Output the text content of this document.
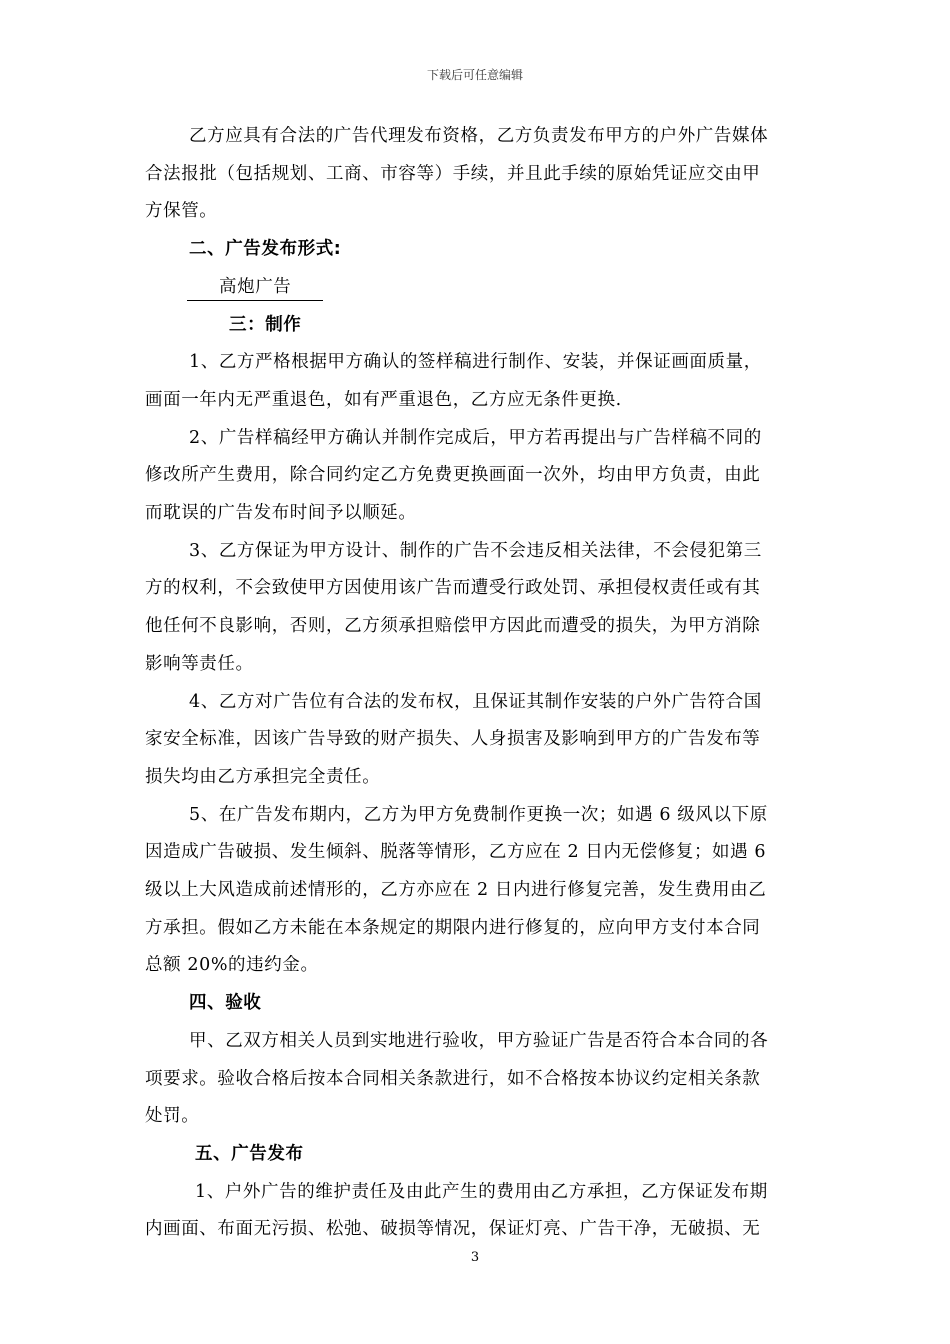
下载后可任意编辑
乙方应具有合法的广告代理发布资格，乙方负责发布甲方的户外广告媒体
合法报批（包括规划、工商、市容等）手续，并且此手续的原始凭证应交由甲
方保管。
二、广告发布形式:
高炮广告
三：制作
1、乙方严格根据甲方确认的签样稿进行制作、安装，并保证画面质量，
画面一年内无严重退色，如有严重退色，乙方应无条件更换.
2、广告样稿经甲方确认并制作完成后，甲方若再提出与广告样稿不同的
修改所产生费用，除合同约定乙方免费更换画面一次外，均由甲方负责，由此
而耽误的广告发布时间予以顺延。
3、乙方保证为甲方设计、制作的广告不会违反相关法律，不会侵犯第三
方的权利，不会致使甲方因使用该广告而遭受行政处罚、承担侵权责任或有其
他任何不良影响，否则，乙方须承担赔偿甲方因此而遭受的损失，为甲方消除
影响等责任。
4、乙方对广告位有合法的发布权，且保证其制作安装的户外广告符合国
家安全标准，因该广告导致的财产损失、人身损害及影响到甲方的广告发布等
损失均由乙方承担完全责任。
5、在广告发布期内，乙方为甲方免费制作更换一次；如遇 6 级风以下原
因造成广告破损、发生倾斜、脱落等情形，乙方应在 2 日内无偿修复；如遇 6
级以上大风造成前述情形的，乙方亦应在 2 日内进行修复完善，发生费用由乙
方承担。假如乙方未能在本条规定的期限内进行修复的，应向甲方支付本合同
总额 20%的违约金。
四、验收
甲、乙双方相关人员到实地进行验收，甲方验证广告是否符合本合同的各
项要求。验收合格后按本合同相关条款进行，如不合格按本协议约定相关条款
处罚。
五、广告发布
1、户外广告的维护责任及由此产生的费用由乙方承担，乙方保证发布期
内画面、布面无污损、松弛、破损等情况，保证灯亮、广告干净，无破损、无
3
